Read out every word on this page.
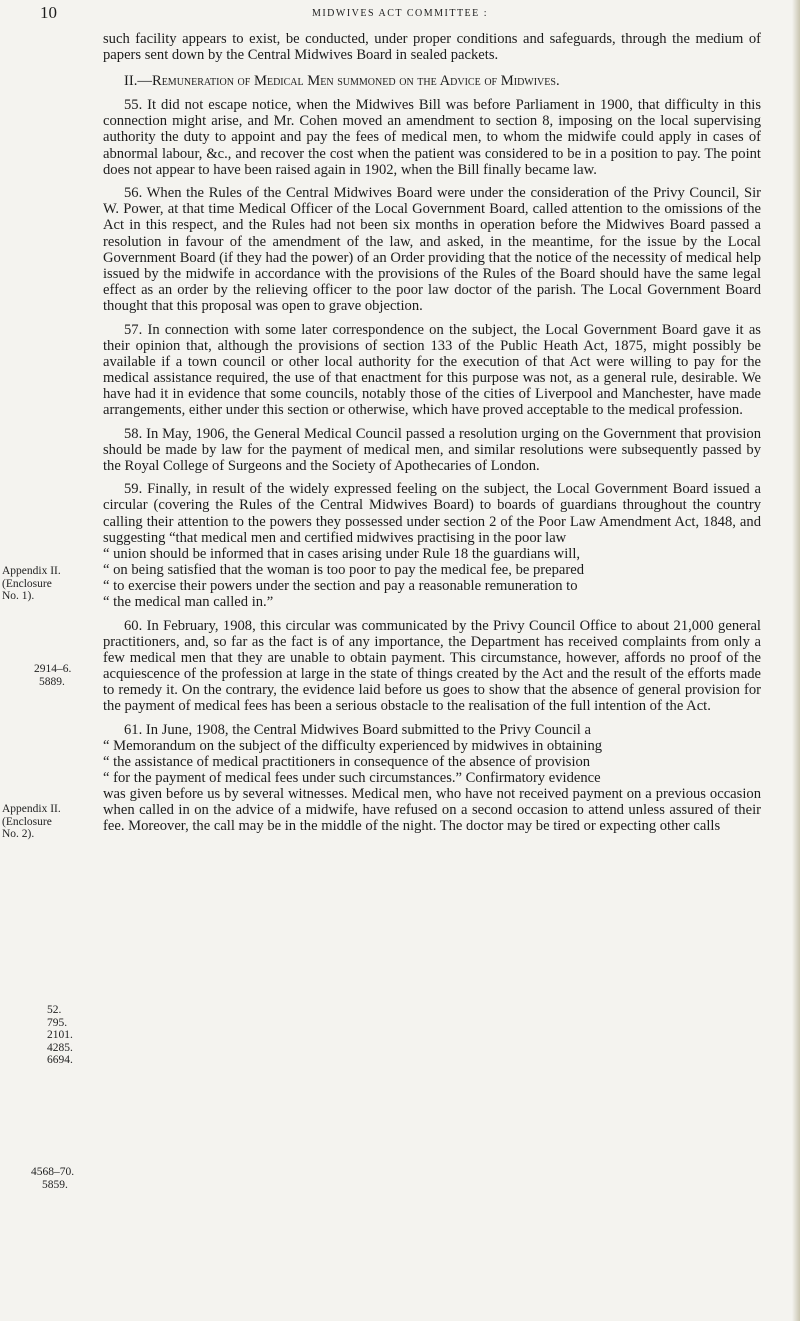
10	MIDWIVES ACT COMMITTEE :

such facility appears to exist, be conducted, under proper conditions and safeguards, through the medium of papers sent down by the Central Midwives Board in sealed packets.

II.—Remuneration of Medical Men summoned on the Advice of Midwives.

55. It did not escape notice, when the Midwives Bill was before Parliament in 1900, that difficulty in this connection might arise, and Mr. Cohen moved an amendment to section 8, imposing on the local supervising authority the duty to appoint and pay the fees of medical men, to whom the midwife could apply in cases of abnormal labour, &c., and recover the cost when the patient was considered to be in a position to pay. The point does not appear to have been raised again in 1902, when the Bill finally became law.

56. When the Rules of the Central Midwives Board were under the consideration of the Privy Council, Sir W. Power, at that time Medical Officer of the Local Government Board, called attention to the omissions of the Act in this respect, and the Rules had not been six months in operation before the Midwives Board passed a resolution in favour of the amendment of the law, and asked, in the meantime, for the issue by the Local Government Board (if they had the power) of an Order providing that the notice of the necessity of medical help issued by the midwife in accordance with the provisions of the Rules of the Board should have the same legal effect as an order by the relieving officer to the poor law doctor of the parish. The Local Government Board thought that this proposal was open to grave objection.

57. In connection with some later correspondence on the subject, the Local Government Board gave it as their opinion that, although the provisions of section 133 of the Public Heath Act, 1875, might possibly be available if a town council or other local authority for the execution of that Act were willing to pay for the medical assistance required, the use of that enactment for this purpose was not, as a general rule, desirable. We have had it in evidence that some councils, notably those of the cities of Liverpool and Manchester, have made arrangements, either under this section or otherwise, which have proved acceptable to the medical profession.

58. In May, 1906, the General Medical Council passed a resolution urging on the Government that provision should be made by law for the payment of medical men, and similar resolutions were subsequently passed by the Royal College of Surgeons and the Society of Apothecaries of London.

59. Finally, in result of the widely expressed feeling on the subject, the Local Government Board issued a circular (covering the Rules of the Central Midwives Board) to boards of guardians throughout the country calling their attention to the powers they possessed under section 2 of the Poor Law Amendment Act, 1848, and suggesting “that medical men and certified midwives practising in the poor law
“ union should be informed that in cases arising under Rule 18 the guardians will,
“ on being satisfied that the woman is too poor to pay the medical fee, be prepared
“ to exercise their powers under the section and pay a reasonable remuneration to
“ the medical man called in.”

60. In February, 1908, this circular was communicated by the Privy Council Office to about 21,000 general practitioners, and, so far as the fact is of any importance, the Department has received complaints from only a few medical men that they are unable to obtain payment. This circumstance, however, affords no proof of the acquiescence of the profession at large in the state of things created by the Act and the result of the efforts made to remedy it. On the contrary, the evidence laid before us goes to show that the absence of general provision for the payment of medical fees has been a serious obstacle to the realisation of the full intention of the Act.

61. In June, 1908, the Central Midwives Board submitted to the Privy Council a
“ Memorandum on the subject of the difficulty experienced by midwives in obtaining
“ the assistance of medical practitioners in consequence of the absence of provision
“ for the payment of medical fees under such circumstances.” Confirmatory evidence
was given before us by several witnesses. Medical men, who have not received payment on a previous occasion when called in on the advice of a midwife, have refused on a second occasion to attend unless assured of their fee. Moreover, the call may be in the middle of the night. The doctor may be tired or expecting other calls

Appendix II.
(Enclosure
No. 1).
2914–6.
5889.
Appendix II.
(Enclosure
No. 2).
52.
795.
2101.
4285.
6694.
4568–70.
5859.
